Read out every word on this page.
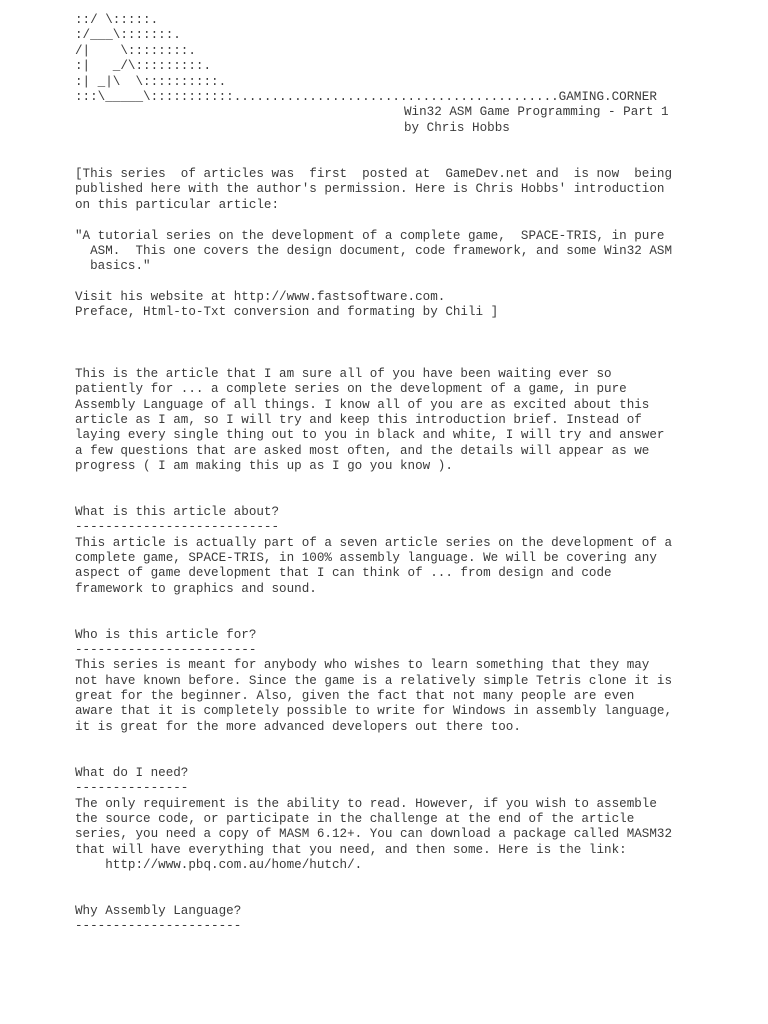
::/ \:::::.
:/___\:::::::.
/|    \::::::::.
:|   _/\:::::::::.
:| _|\  \::::::::::.
:::\_____\:::::::::::...........................................GAMING.CORNER
Win32 ASM Game Programming - Part 1
by Chris Hobbs
[This series  of articles was  first  posted at  GameDev.net and  is now  being
published here with the author's permission. Here is Chris Hobbs' introduction
on this particular article:
"A tutorial series on the development of a complete game,  SPACE-TRIS, in pure
ASM.  This one covers the design document, code framework, and some Win32 ASM
basics."
Visit his website at http://www.fastsoftware.com.
Preface, Html-to-Txt conversion and formating by Chili ]
This is the article that I am sure all of you have been waiting ever so
patiently for ... a complete series on the development of a game, in pure
Assembly Language of all things. I know all of you are as excited about this
article as I am, so I will try and keep this introduction brief. Instead of
laying every single thing out to you in black and white, I will try and answer
a few questions that are asked most often, and the details will appear as we
progress ( I am making this up as I go you know ).
What is this article about?
---------------------------
This article is actually part of a seven article series on the development of a
complete game, SPACE-TRIS, in 100% assembly language. We will be covering any
aspect of game development that I can think of ... from design and code
framework to graphics and sound.
Who is this article for?
------------------------
This series is meant for anybody who wishes to learn something that they may
not have known before. Since the game is a relatively simple Tetris clone it is
great for the beginner. Also, given the fact that not many people are even
aware that it is completely possible to write for Windows in assembly language,
it is great for the more advanced developers out there too.
What do I need?
---------------
The only requirement is the ability to read. However, if you wish to assemble
the source code, or participate in the challenge at the end of the article
series, you need a copy of MASM 6.12+. You can download a package called MASM32
that will have everything that you need, and then some. Here is the link:
http://www.pbq.com.au/home/hutch/.
Why Assembly Language?
----------------------
